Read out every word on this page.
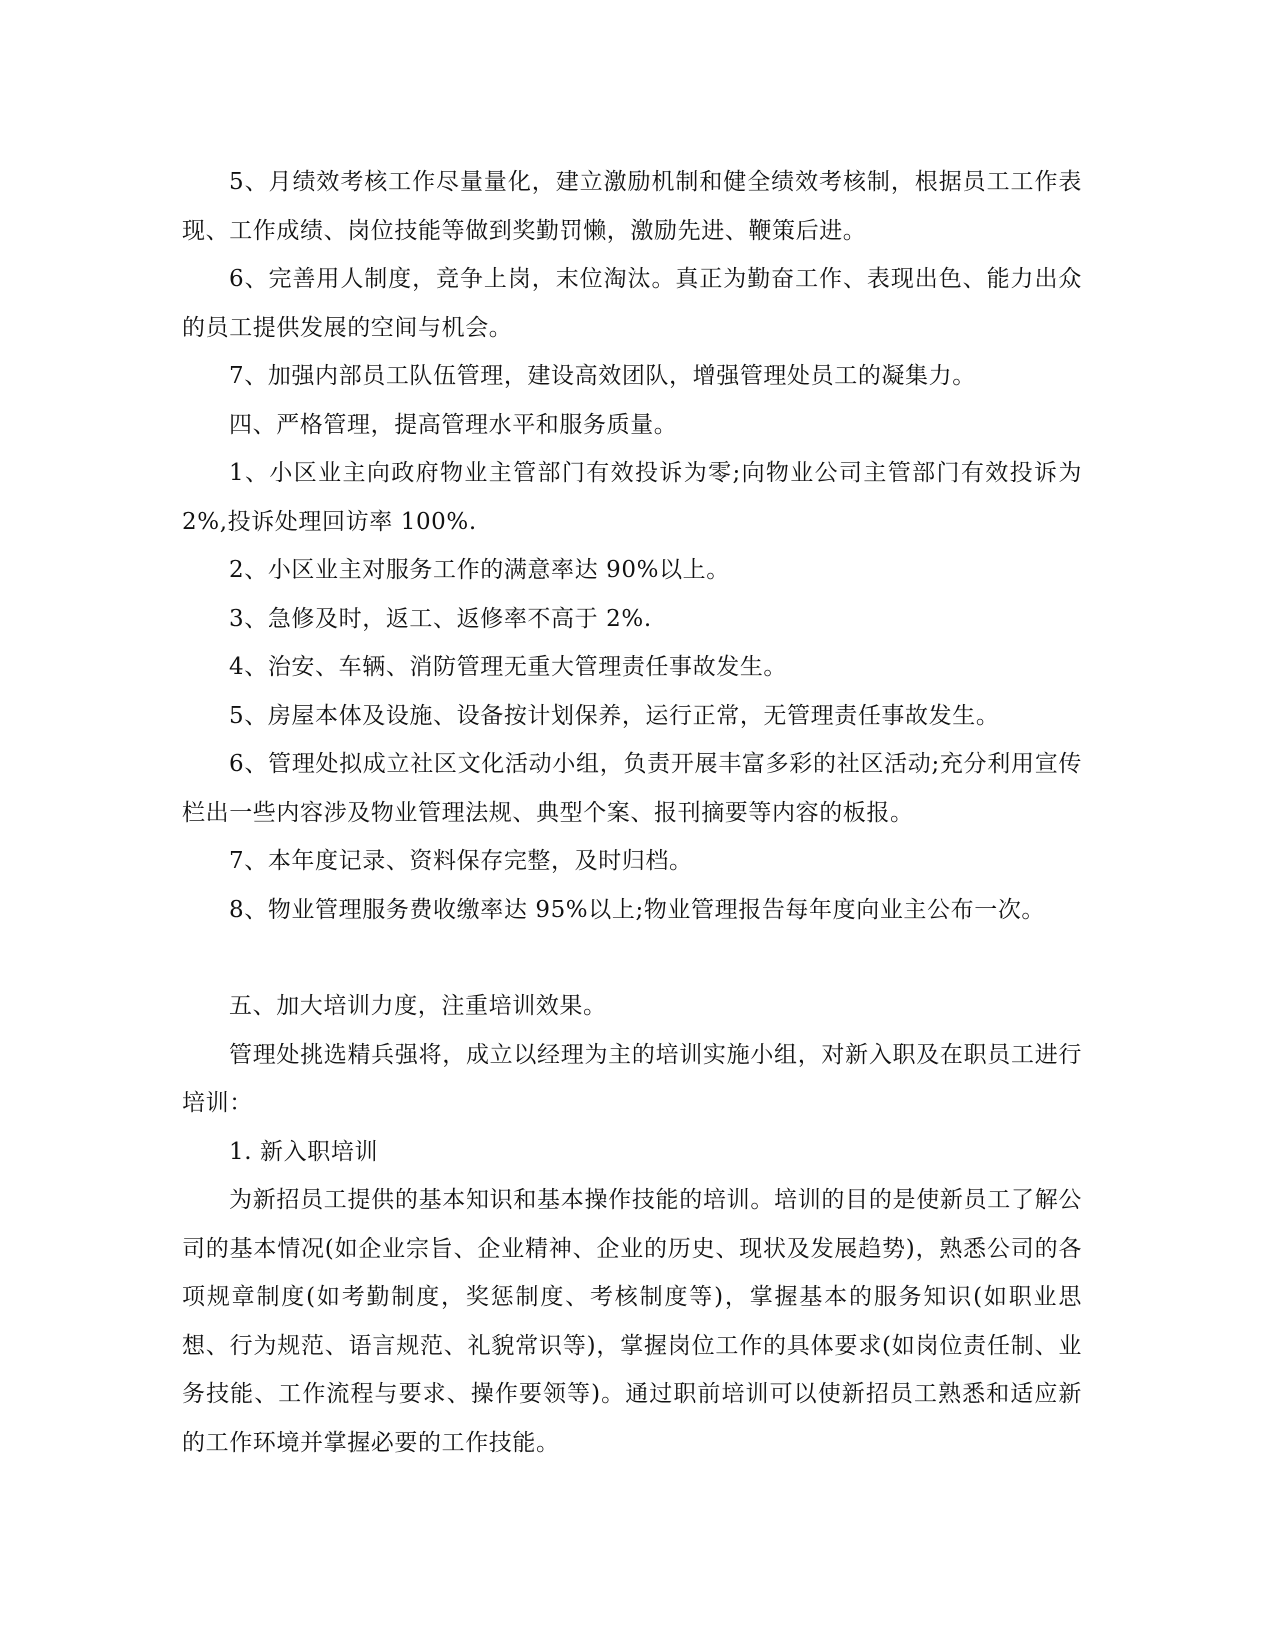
5、月绩效考核工作尽量量化，建立激励机制和健全绩效考核制，根据员工工作表现、工作成绩、岗位技能等做到奖勤罚懒，激励先进、鞭策后进。

6、完善用人制度，竞争上岗，末位淘汰。真正为勤奋工作、表现出色、能力出众的员工提供发展的空间与机会。

7、加强内部员工队伍管理，建设高效团队，增强管理处员工的凝集力。

四、严格管理，提高管理水平和服务质量。

1、小区业主向政府物业主管部门有效投诉为零;向物业公司主管部门有效投诉为 2%,投诉处理回访率 100%.

2、小区业主对服务工作的满意率达 90%以上。

3、急修及时，返工、返修率不高于 2%.

4、治安、车辆、消防管理无重大管理责任事故发生。

5、房屋本体及设施、设备按计划保养，运行正常，无管理责任事故发生。

6、管理处拟成立社区文化活动小组，负责开展丰富多彩的社区活动;充分利用宣传栏出一些内容涉及物业管理法规、典型个案、报刊摘要等内容的板报。

7、本年度记录、资料保存完整，及时归档。

8、物业管理服务费收缴率达 95%以上;物业管理报告每年度向业主公布一次。

五、加大培训力度，注重培训效果。

管理处挑选精兵强将，成立以经理为主的培训实施小组，对新入职及在职员工进行培训：

1. 新入职培训

为新招员工提供的基本知识和基本操作技能的培训。培训的目的是使新员工了解公司的基本情况(如企业宗旨、企业精神、企业的历史、现状及发展趋势)，熟悉公司的各项规章制度(如考勤制度，奖惩制度、考核制度等)，掌握基本的服务知识(如职业思想、行为规范、语言规范、礼貌常识等)，掌握岗位工作的具体要求(如岗位责任制、业务技能、工作流程与要求、操作要领等)。通过职前培训可以使新招员工熟悉和适应新的工作环境并掌握必要的工作技能。
